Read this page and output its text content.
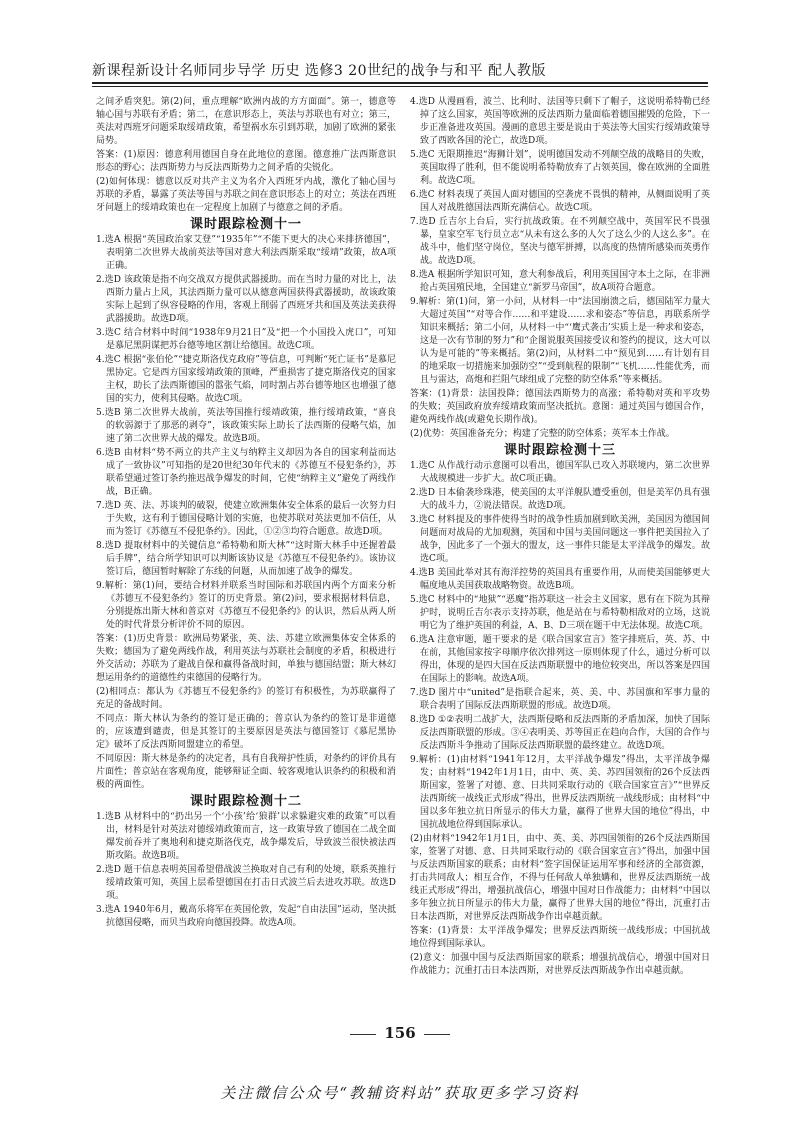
新课程新设计名师同步导学 历史 选修3 20世纪的战争与和平 配人教版

之间矛盾突犯。第(2)问，重点理解“欧洲内战的方方面面”。第一，德意等轴心国与苏联有矛盾；第二，在意识形态上，英法与苏联也有对立；第三，英法对西班牙问题采取绥靖政策，希望祸水东引到苏联，加剧了欧洲的紧张局势。

答案：(1)原因：德意利用德国自身在此地位的意图。德意推广法西斯意识形态的野心；法西斯势力与反法西斯势力之间矛盾的尖锐化。

(2)如何体现：德意以反对共产主义为名介入西班牙内战，激化了轴心国与苏联的矛盾，暴露了英法等国与苏联之间在意识形态上的对立；英法在西班牙问题上的绥靖政策也在一定程度上加剧了与德意之间的矛盾。

课时跟踪检测十一

1.选A 根据“英国政治家艾登”“1935年”“不能下更大的决心来排挤德国”，表明第二次世界大战前英法等国对意大利法西斯采取“绥靖”政策，故A项正确。

2.选D 该政策是指不向交战双方提供武器援助。而在当时力量的对比上，法西斯力量占上风，其法西斯力量可以从德意两国获得武器援助，故该政策实际上起到了纵容侵略的作用，客观上削弱了西班牙共和国及英法美获得武器援助。故选D项。

3.选C 结合材料中时间“1938年9月21日”及“把一个小国投入虎口”，可知是慕尼黑阴谋把苏台德等地区割让给德国。故选C项。

4.选C 根据“张伯伦”“捷克斯洛伐克政府”等信息，可判断“死亡证书”是慕尼黑协定。它是西方国家绥靖政策的顶峰，严重损害了捷克斯洛伐克的国家主权，助长了法西斯德国的嚣张气焰，同时割占苏台德等地区也增强了德国的实力，使利其侵略。故选C项。

5.选B 第二次世界大战前，英法等国推行绥靖政策，推行绥靖政策，“喜良的软弱源于了那恶的剥夺”，该政策实际上助长了法西斯的侵略气焰，加速了第二次世界大战的爆发。故选B项。

6.选B 由材料“势不两立的共产主义与纳粹主义却因为各自的国家利益而达成了一致协议”可知指的是20世纪30年代末的《苏德互不侵犯条约》，苏联希望通过签订条约推迟战争爆发的时间，它使“纳粹主义”避免了两线作战，B正确。

7.选D 英、法、苏谈判的破裂，使建立欧洲集体安全体系的最后一次努力归于失败，这有利于德国侵略计划的实施，也使苏联对英法更加不信任，从而为签订《苏德互不侵犯条约》。因此，①②③均符合题意。故选D项。

8.选D 提取材料中的关键信息“希特勒和斯大林”“这时斯大林手中还握着最后手牌”，结合所学知识可以判断该协议是《苏德互不侵犯条约》。该协议签订后，德国暂时解除了东线的问题，从而加速了战争的爆发。

9.解析：第(1)问，要结合材料并联系当时国际和苏联国内两个方面来分析《苏德互不侵犯条约》签订的历史背景。第(2)问，要求根据材料信息，分别提炼出斯大林和普京对《苏德互不侵犯条约》的认识，然后从两人所处的时代背景分析评价不同的原因。

答案：(1)历史背景：欧洲局势紧张，英、法、苏建立欧洲集体安全体系的失败；德国为了避免两线作战，利用英法与苏联社会制度的矛盾，积极进行外交活动；苏联为了避战自保和赢得备战时间，单独与德国结盟；斯大林幻想运用条约的道德性约束德国的侵略行为。

(2)相同点：都认为《苏德互不侵犯条约》的签订有积极性，为苏联赢得了充足的备战时间。

不同点：斯大林认为条约的签订是正确的；普京认为条约的签订是非道德的，应该遭到谴责，但是其签订的主要原因是英法与德国签订《慕尼黑协定》破坏了反法西斯同盟建立的希望。

不同原因：斯大林是条约的决定者，具有自我辩护性质，对条约的评价具有片面性；普京站在客观角度，能够辩证全面、较客观地认识条约的积极和消极的两面性。

课时跟踪检测十二

1.选B 从材料中的“扔出另一个‘小孩’给‘狼群’以求躲避灾难的政策”可以看出，材料是针对英法对德绥靖政策而言，这一政策导致了德国在二战全面爆发前吞并了奥地利和捷克斯洛伐克，战争爆发后，导致波兰很快被法西斯攻陷。故选B项。

2.选D 题干信息表明英国希望借战波兰换取对自己有利的处境，联系英推行绥靖政策可知，英国上层希望德国在打击日式波兰后去进攻苏联。故选D项。

3.选A 1940年6月，戴高乐将军在英国伦敦，发起“自由法国”运动，坚决抵抗德国侵略，而贝当政府向德国投降。故选A项。

4.选D 从漫画看，波兰、比利时、法国等只剩下了帽子，这说明希特勒已经掉了这么国家，英国等欧洲的反法西斯力量面临着德国摧毁的危险，下一步正准备进攻英国。漫画的意思主要是说由于英法等大国实行绥靖政策导致了西欧各国的沦亡，故选D项。

5.选C 无限期推迟“海狮计划”，说明德国发动不列颠空战的战略目的失败，英国取得了胜利，但不能说明希特勒放弃了占领英国，像在欧洲的全面胜利。故选C项。

6.选C 材料表现了英国人面对德国的空袭虎不畏惧的精神，从侧面说明了英国人对战胜德国法西斯充满信心。故选C项。

7.选D 丘吉尔上台后，实行抗战政策。在不列颠空战中，英国军民不畏强暴，皇家空军飞行员立志“从未有这么多的人欠了这么少的人这么多”。在战斗中，他们坚守岗位，坚决与德军拼搏，以高度的热情所感染而英勇作战。故选D项。

8.选A 根据所学知识可知，意大利参战后，利用英国国守本土之际，在非洲抢占英国殖民地，全国建立“新罗马帝国”，故A项符合题意。

9.解析：第(1)问，第一小问，从材料一中“法国崩溃之后，德国陆军力量大大超过英国”“对等合作……和平建设……求和姿态”等信息，再联系所学知识来概括；第二小问，从材料一中“‘鹰式袭击’实质上是一种求和姿态，这是一次有节制的努力”和“企图说服英国接受议和签约的提议，这大可以认为是可能的”等来概括。第(2)问，从材料二中“预见到……有计划有目的地采取一切措施来加强防空”“受到航程的限制”“飞机……性能优秀，而且与雷达，高炮和拦阻气球组成了完整的防空体系”等来概括。

答案：(1)背景：法国投降；德国法西斯势力的高涨；希特勒对英和平攻势的失败；英国政府放弃绥靖政策而坚决抵抗。意图：通过英国与德国合作，避免两线作战(或避免长期作战)。

(2)优势：英国准备充分；构建了完整的防空体系；英军本土作战。

课时跟踪检测十三

1.选C 从作战行动示意图可以看出，德国军队已攻入苏联境内，第二次世界大战规模进一步扩大。故C项正确。

2.选D 日本偷袭珍珠港，使美国的太平洋舰队遭受重创，但是美军仍具有强大的战斗力，②说法错误。故选D项。

3.选C 材料提及的事件使得当时的战争性质加剧到欧美洲，美国因为德国间问题而对战局的尤加观测，英国和中国与美国问题这一事件把美国拉入了战争，因此多了一个强大的盟友，这一事件只能是太平洋战争的爆发。故选C项。

4.选B 美国此举对其有海洋控势的英国具有重要作用，从而使美国能够更大幅度地从美国获取战略物资。故选B项。

5.选C 材料中的“地狱”“恶魔”指苏联这一社会主义国家，恩有在下院为其辩护时，说明丘吉尔表示支持苏联，他是站在与希特勒相敌对的立场，这说明它为了维护英国的利益，A、B、D三项在题干中无法体现。故选C项。

6.选A 注意审题，题干要求的是《联合国家宣言》签字排班后，英、苏、中在前，其他国家按字母顺序依次排列这一原则体现了什么，通过分析可以得出，体现的是四大国在反法西斯联盟中的地位较突出，所以答案是四国在国际上的影响。故选A项。

7.选D 图片中“united”是指联合起来，英、美、中、苏国旗和军事力量的联合表明了国际反法西斯联盟的形成。故选D项。

8.选D ①②表明二战扩大，法西斯侵略和反法西斯的矛盾加深，加快了国际反法西斯联盟的形成。③④表明美、苏等国正在趋向合作，大国的合作与反法西斯斗争推动了国际反法西斯联盟的最终建立。故选D项。

9.解析：(1)由材料“1941年12月，太平洋战争爆发”得出，太平洋战争爆发；由材料“1942年1月1日，由中、英、美、苏四国领衔的26个反法西斯国家，签署了对德、意、日共同采取行动的《联合国家宣言》”“世界反法西斯统一战线正式形成”得出，世界反法西斯统一战线形成；由材料“中国以多年独立抗日所显示的伟大力量，赢得了世界大国的地位”得出，中国抗战地位得到国际承认。

(2)由材料“1942年1月1日，由中、英、美、苏四国领衔的26个反法西斯国家，签署了对德、意、日共同采取行动的《联合国家宣言》”得出，加强中国与反法西斯国家的联系；由材料“签字国保证运用军事和经济的全部资源，打击共同敌人；相互合作，不得与任何敌人单独媾和，世界反法西斯统一战线正式形成”得出，增强抗战信心，增强中国对日作战能力；由材料“中国以多年独立抗日所显示的伟大力量，赢得了世界大国的地位”得出，沉重打击日本法西斯，对世界反法西斯战争作出卓越贡献。

答案：(1)背景：太平洋战争爆发；世界反法西斯统一战线形成；中国抗战地位得到国际承认。

(2)意义：加强中国与反法西斯国家的联系；增强抗战信心，增强中国对日作战能力；沉重打击日本法西斯，对世界反法西斯战争作出卓越贡献。

156
关注微信公众号“教辅资料站”获取更多学习资料
